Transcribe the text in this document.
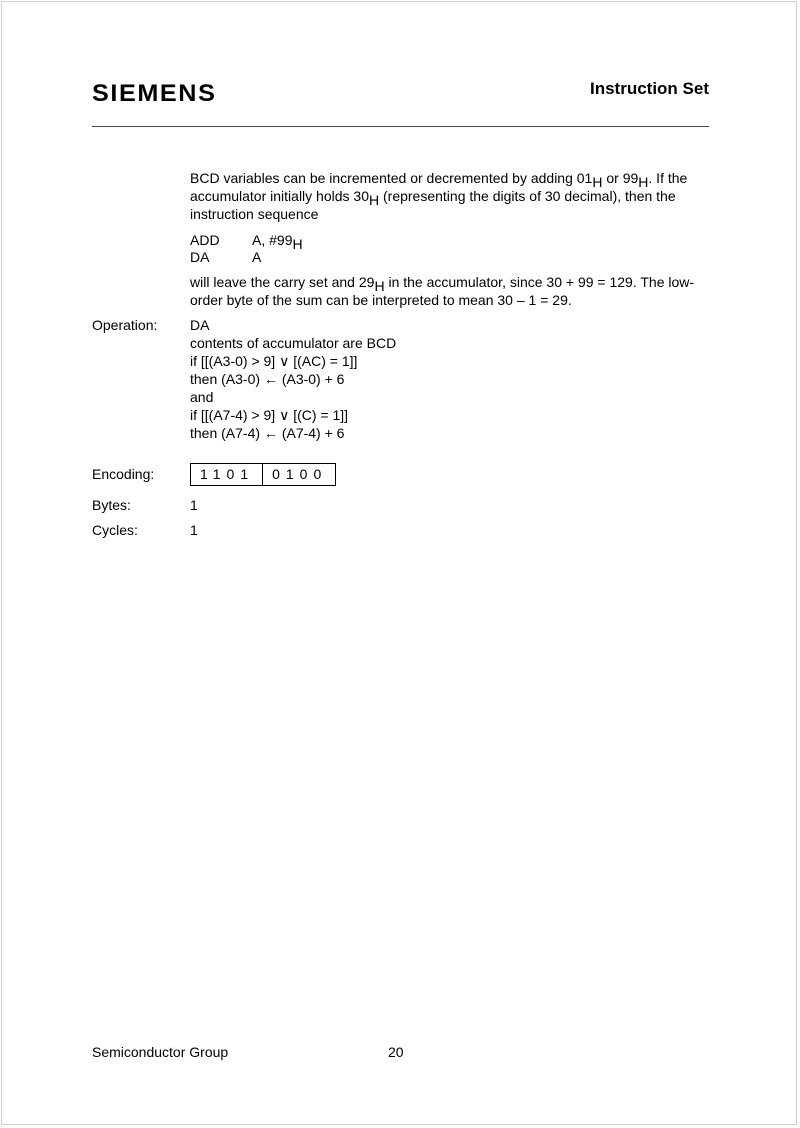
SIEMENS	Instruction Set
BCD variables can be incremented or decremented by adding 01H or 99H. If the accumulator initially holds 30H (representing the digits of 30 decimal), then the instruction sequence
ADD A, #99H
DA	A
will leave the carry set and 29H in the accumulator, since 30 + 99 = 129. The low-order byte of the sum can be interpreted to mean 30 – 1 = 29.
Operation: DA
contents of accumulator are BCD
if [[(A3-0) > 9] ∨ [(AC) = 1]]
then (A3-0) ← (A3-0) + 6
and
if [[(A7-4) > 9] ∨ [(C) = 1]]
then (A7-4) ← (A7-4) + 6
Encoding:	1101	0100
Bytes:	1
Cycles:	1
Semiconductor Group	20
